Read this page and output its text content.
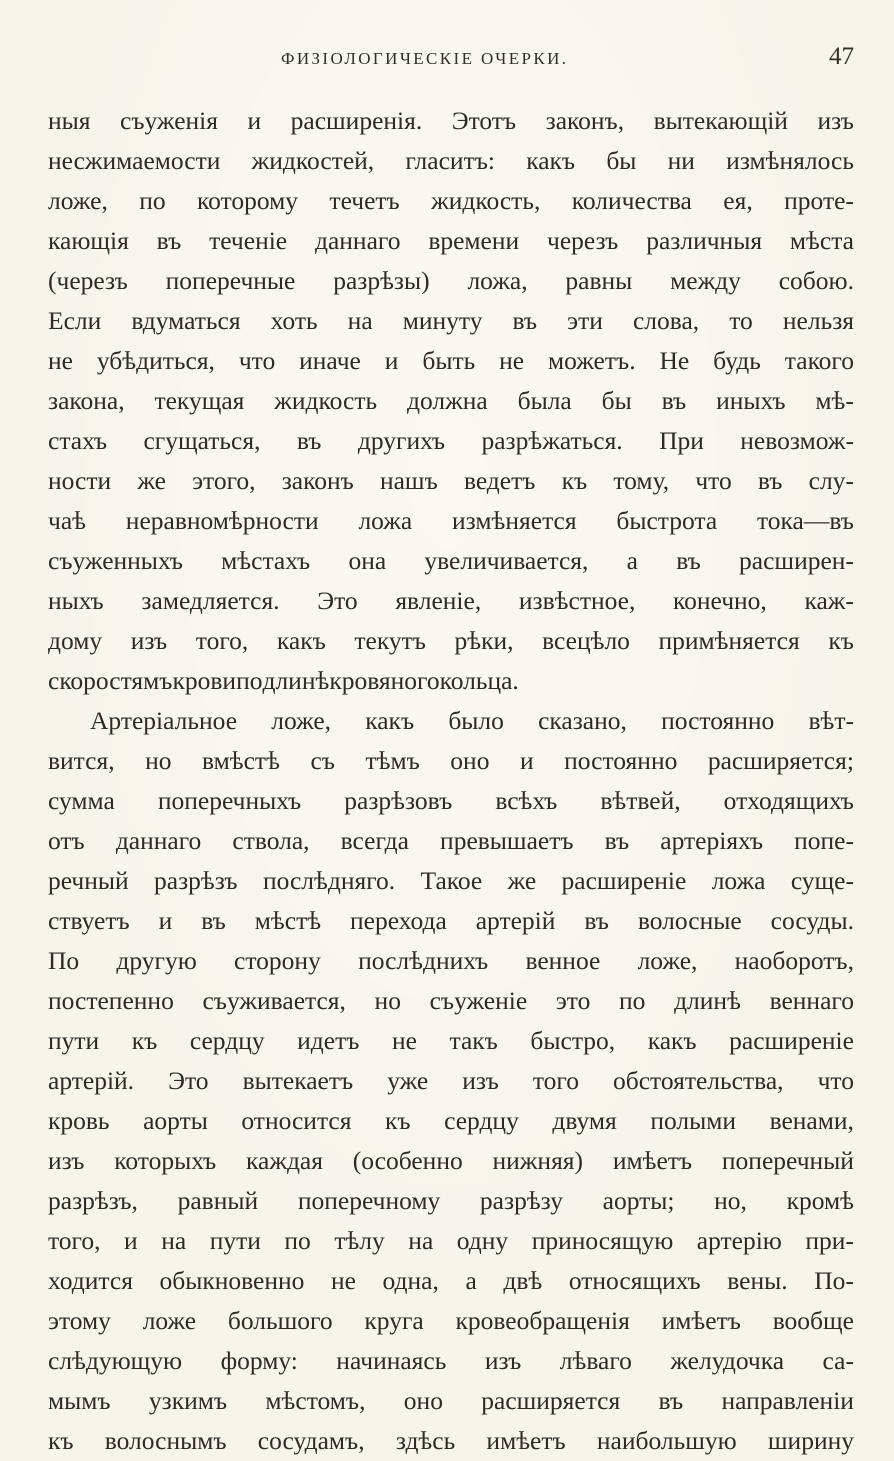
ФИЗІОЛОГИЧЕСКІЕ ОЧЕРКИ.	47
ныя съуженія и расширенія. Этотъ законъ, вытекающій изъ
несжимаемости жидкостей, гласитъ: какъ бы ни измѣнялось
ложе, по которому течетъ жидкость, количества ея, проте-
кающія въ теченіе даннаго времени черезъ различныя мѣста
(черезъ поперечные разрѣзы) ложа, равны между собою.
Если вдуматься хоть на минуту въ эти слова, то нельзя
не убѣдиться, что иначе и быть не можетъ. Не будь такого
закона, текущая жидкость должна была бы въ иныхъ мѣ-
стахъ сгущаться, въ другихъ разрѣжаться. При невозмож-
ности же этого, законъ нашъ ведетъ къ тому, что въ слу-
чаѣ неравномѣрности ложа измѣняется быстрота тока—въ
съуженныхъ мѣстахъ она увеличивается, а въ расширен-
ныхъ замедляется. Это явленіе, извѣстное, конечно, каж-
дому изъ того, какъ текутъ рѣки, всецѣло примѣняется къ
скоростямъ крови по длинѣ кровяного кольца.
Артеріальное ложе, какъ было сказано, постоянно вѣт-
вится, но вмѣстѣ съ тѣмъ оно и постоянно расширяется;
сумма поперечныхъ разрѣзовъ всѣхъ вѣтвей, отходящихъ
отъ даннаго ствола, всегда превышаетъ въ артеріяхъ попе-
речный разрѣзъ послѣдняго. Такое же расширеніе ложа суще-
ствуетъ и въ мѣстѣ перехода артерій въ волосные сосуды.
По другую сторону послѣднихъ венное ложе, наоборотъ,
постепенно съуживается, но съуженіе это по длинѣ веннаго
пути къ сердцу идетъ не такъ быстро, какъ расширеніе
артерій. Это вытекаетъ уже изъ того обстоятельства, что
кровь аорты относится къ сердцу двумя полыми венами,
изъ которыхъ каждая (особенно нижняя) имѣетъ поперечный
разрѣзъ, равный поперечному разрѣзу аорты; но, кромѣ
того, и на пути по тѣлу на одну приносящую артерію при-
ходится обыкновенно не одна, а двѣ относящихъ вены. По-
этому ложе большого круга кровеобращенія имѣетъ вообще
слѣдующую форму: начинаясь изъ лѣваго желудочка са-
мымъ узкимъ мѣстомъ, оно расширяется въ направленіи
къ волоснымъ сосудамъ, здѣсь имѣетъ наибольшую ширину
